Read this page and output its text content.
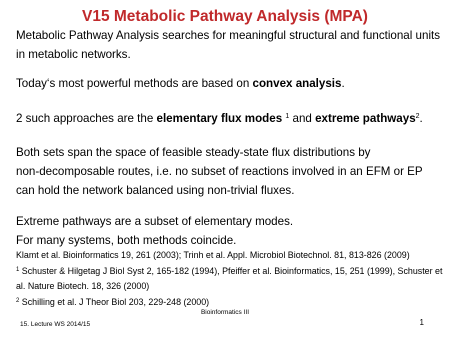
V15 Metabolic Pathway Analysis (MPA)
Metabolic Pathway Analysis searches for meaningful structural and functional units
in metabolic networks.
Today‘s most powerful methods are based on convex analysis.
2 such approaches are the elementary flux modes $^1$ and extreme pathways$^2$.
Both sets span the space of feasible steady-state flux distributions by
non-decomposable routes, i.e. no subset of reactions involved in an EFM or EP
can hold the network balanced using non-trivial fluxes.
Extreme pathways are a subset of elementary modes.
For many systems, both methods coincide.
Klamt et al. Bioinformatics 19, 261 (2003); Trinh et al. Appl. Microbiol Biotechnol. 81, 813-826 (2009)
$^1$ Schuster & Hilgetag J Biol Syst 2, 165-182 (1994), Pfeiffer et al. Bioinformatics, 15, 251 (1999), Schuster et
al. Nature Biotech. 18, 326 (2000)
$^2$ Schilling et al. J Theor Biol 203, 229-248 (2000)
Bioinformatics III
15. Lecture WS 2014/15	1
